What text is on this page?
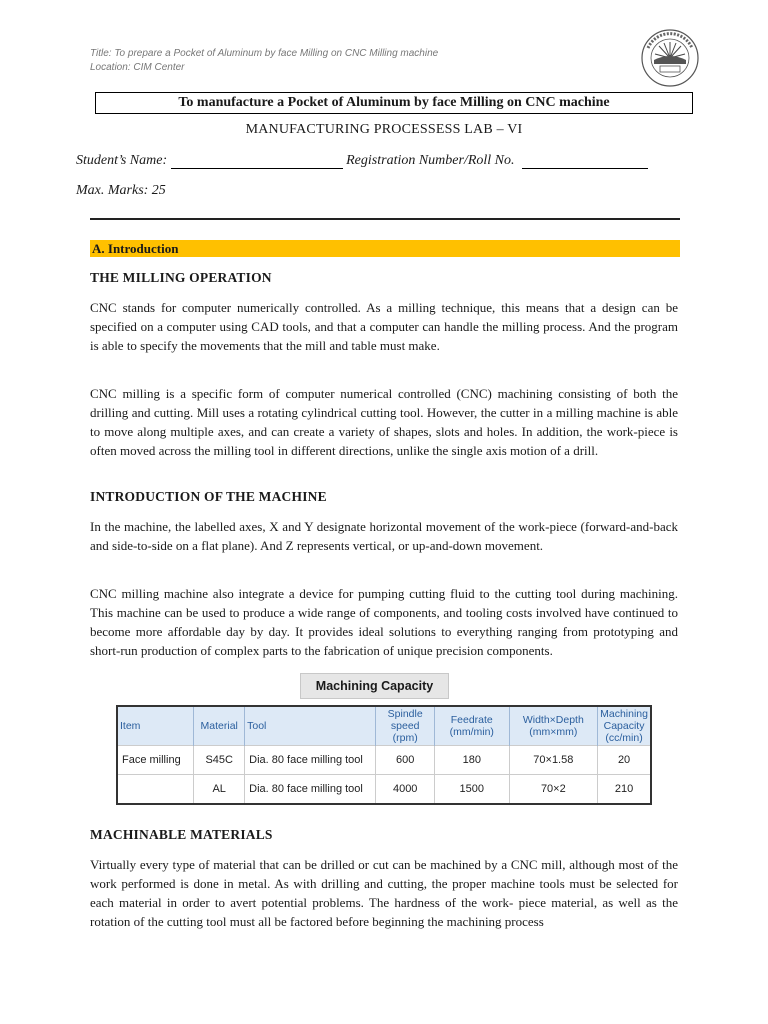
Title: To prepare a Pocket of Aluminum by face Milling on CNC Milling machine
Location: CIM Center
To manufacture a Pocket of Aluminum by face Milling on CNC machine
MANUFACTURING PROCESSESS LAB – VI
Student’s Name:	Registration Number/Roll No.
Max. Marks: 25
A. Introduction
THE MILLING OPERATION

CNC stands for computer numerically controlled. As a milling technique, this means that a design can be specified on a computer using CAD tools, and that a computer can handle the milling process. And the program is able to specify the movements that the mill and table must make.

CNC milling is a specific form of computer numerical controlled (CNC) machining consisting of both the drilling and cutting. Mill uses a rotating cylindrical cutting tool. However, the cutter in a milling machine is able to move along multiple axes, and can create a variety of shapes, slots and holes. In addition, the work-piece is often moved across the milling tool in different directions, unlike the single axis motion of a drill.

INTRODUCTION OF THE MACHINE

In the machine, the labelled axes, X and Y designate horizontal movement of the work-piece (forward-and-back and side-to-side on a flat plane). And Z represents vertical, or up-and-down movement.

CNC milling machine also integrate a device for pumping cutting fluid to the cutting tool during machining. This machine can be used to produce a wide range of components, and tooling costs involved have continued to become more affordable day by day. It provides ideal solutions to everything ranging from prototyping and short-run production of complex parts to the fabrication of unique precision components.

Machining Capacity
Item	Material	Tool	Spindle speed (rpm)	Feedrate (mm/min)	Width×Depth (mm×mm)	Machining Capacity (cc/min)
Face milling	S45C	Dia. 80 face milling tool	600	180	70×1.58	20
	AL	Dia. 80 face milling tool	4000	1500	70×2	210
MACHINABLE MATERIALS

Virtually every type of material that can be drilled or cut can be machined by a CNC mill, although most of the work performed is done in metal. As with drilling and cutting, the proper machine tools must be selected for each material in order to avert potential problems. The hardness of the work- piece material, as well as the rotation of the cutting tool must all be factored before beginning the machining process
